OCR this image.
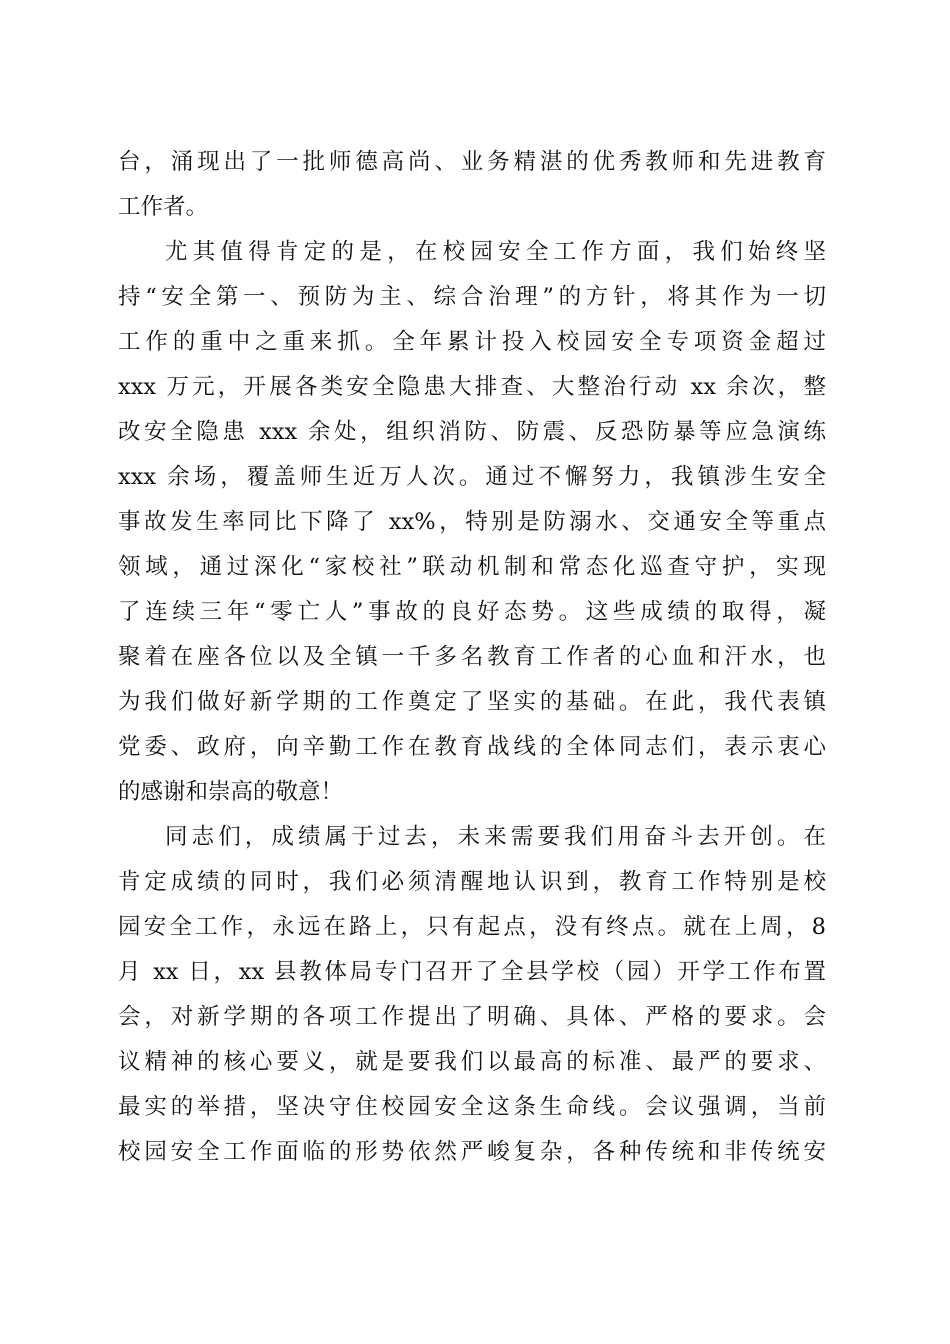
台，涌现出了一批师德高尚、业务精湛的优秀教师和先进教育
工作者。
尤其值得肯定的是，在校园安全工作方面，我们始终坚
持“安全第一、预防为主、综合治理”的方针，将其作为一切
工作的重中之重来抓。全年累计投入校园安全专项资金超过
xxx 万元，开展各类安全隐患大排查、大整治行动 xx 余次，整
改安全隐患 xxx 余处，组织消防、防震、反恐防暴等应急演练
xxx 余场，覆盖师生近万人次。通过不懈努力，我镇涉生安全
事故发生率同比下降了 xx%，特别是防溺水、交通安全等重点
领域，通过深化“家校社”联动机制和常态化巡查守护，实现
了连续三年“零亡人”事故的良好态势。这些成绩的取得，凝
聚着在座各位以及全镇一千多名教育工作者的心血和汗水，也
为我们做好新学期的工作奠定了坚实的基础。在此，我代表镇
党委、政府，向辛勤工作在教育战线的全体同志们，表示衷心
的感谢和崇高的敬意！
同志们，成绩属于过去，未来需要我们用奋斗去开创。在
肯定成绩的同时，我们必须清醒地认识到，教育工作特别是校
园安全工作，永远在路上，只有起点，没有终点。就在上周，8
月 xx 日，xx 县教体局专门召开了全县学校（园）开学工作布置
会，对新学期的各项工作提出了明确、具体、严格的要求。会
议精神的核心要义，就是要我们以最高的标准、最严的要求、
最实的举措，坚决守住校园安全这条生命线。会议强调，当前
校园安全工作面临的形势依然严峻复杂，各种传统和非传统安
